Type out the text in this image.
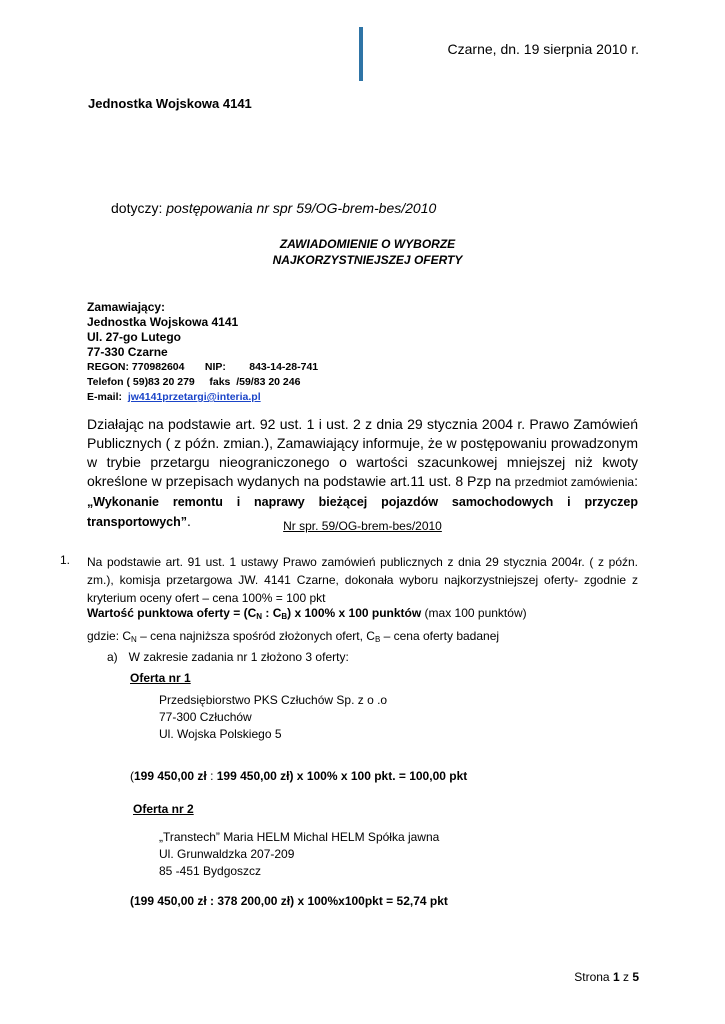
Czarne, dn. 19 sierpnia 2010 r.
Jednostka Wojskowa 4141
dotyczy: postępowania nr spr 59/OG-brem-bes/2010
ZAWIADOMIENIE O WYBORZE
NAJKORZYSTNIEJSZEJ OFERTY
Zamawiający:
Jednostka Wojskowa 4141
Ul. 27-go Lutego
77-330 Czarne
REGON: 770982604       NIP:        843-14-28-741
Telefon ( 59)83 20 279     faks  /59/83 20 246
E-mail:  jw4141przetargi@interia.pl
Działając na podstawie art. 92 ust. 1 i ust. 2 z dnia 29 stycznia 2004 r. Prawo Zamówień Publicznych ( z późn. zmian.), Zamawiający informuje, że w postępowaniu prowadzonym w trybie przetargu nieograniczonego o wartości szacunkowej mniejszej niż kwoty określone w przepisach wydanych na podstawie art.11 ust. 8 Pzp na przedmiot zamówienia: „Wykonanie remontu i naprawy bieżącej pojazdów samochodowych i przyczep transportowych”.	Nr spr. 59/OG-brem-bes/2010
1. Na podstawie art. 91 ust. 1 ustawy Prawo zamówień publicznych z dnia 29 stycznia 2004r. ( z późn. zm.), komisja przetargowa JW. 4141 Czarne, dokonała wyboru najkorzystniejszej oferty- zgodnie z kryterium oceny ofert – cena 100% = 100 pkt
Wartość punktowa oferty = ($C_N$ : $C_B$) x 100% x 100 punktów (max 100 punktów)
gdzie: $C_N$ – cena najniższa spośród złożonych ofert, $C_B$ – cena oferty badanej
a) W zakresie zadania nr 1 złożono 3 oferty:
Oferta nr 1
Przedsiębiorstwo PKS Człuchów Sp. z o .o
77-300 Człuchów
Ul. Wojska Polskiego 5
(199 450,00 zł : 199 450,00 zł) x 100% x 100 pkt. = 100,00 pkt
Oferta nr 2
„Transtech” Maria HELM Michal HELM Spółka jawna
Ul. Grunwaldzka 207-209
85 -451 Bydgoszcz
(199 450,00 zł : 378 200,00 zł) x 100%x100pkt = 52,74 pkt
Strona 1 z 5
